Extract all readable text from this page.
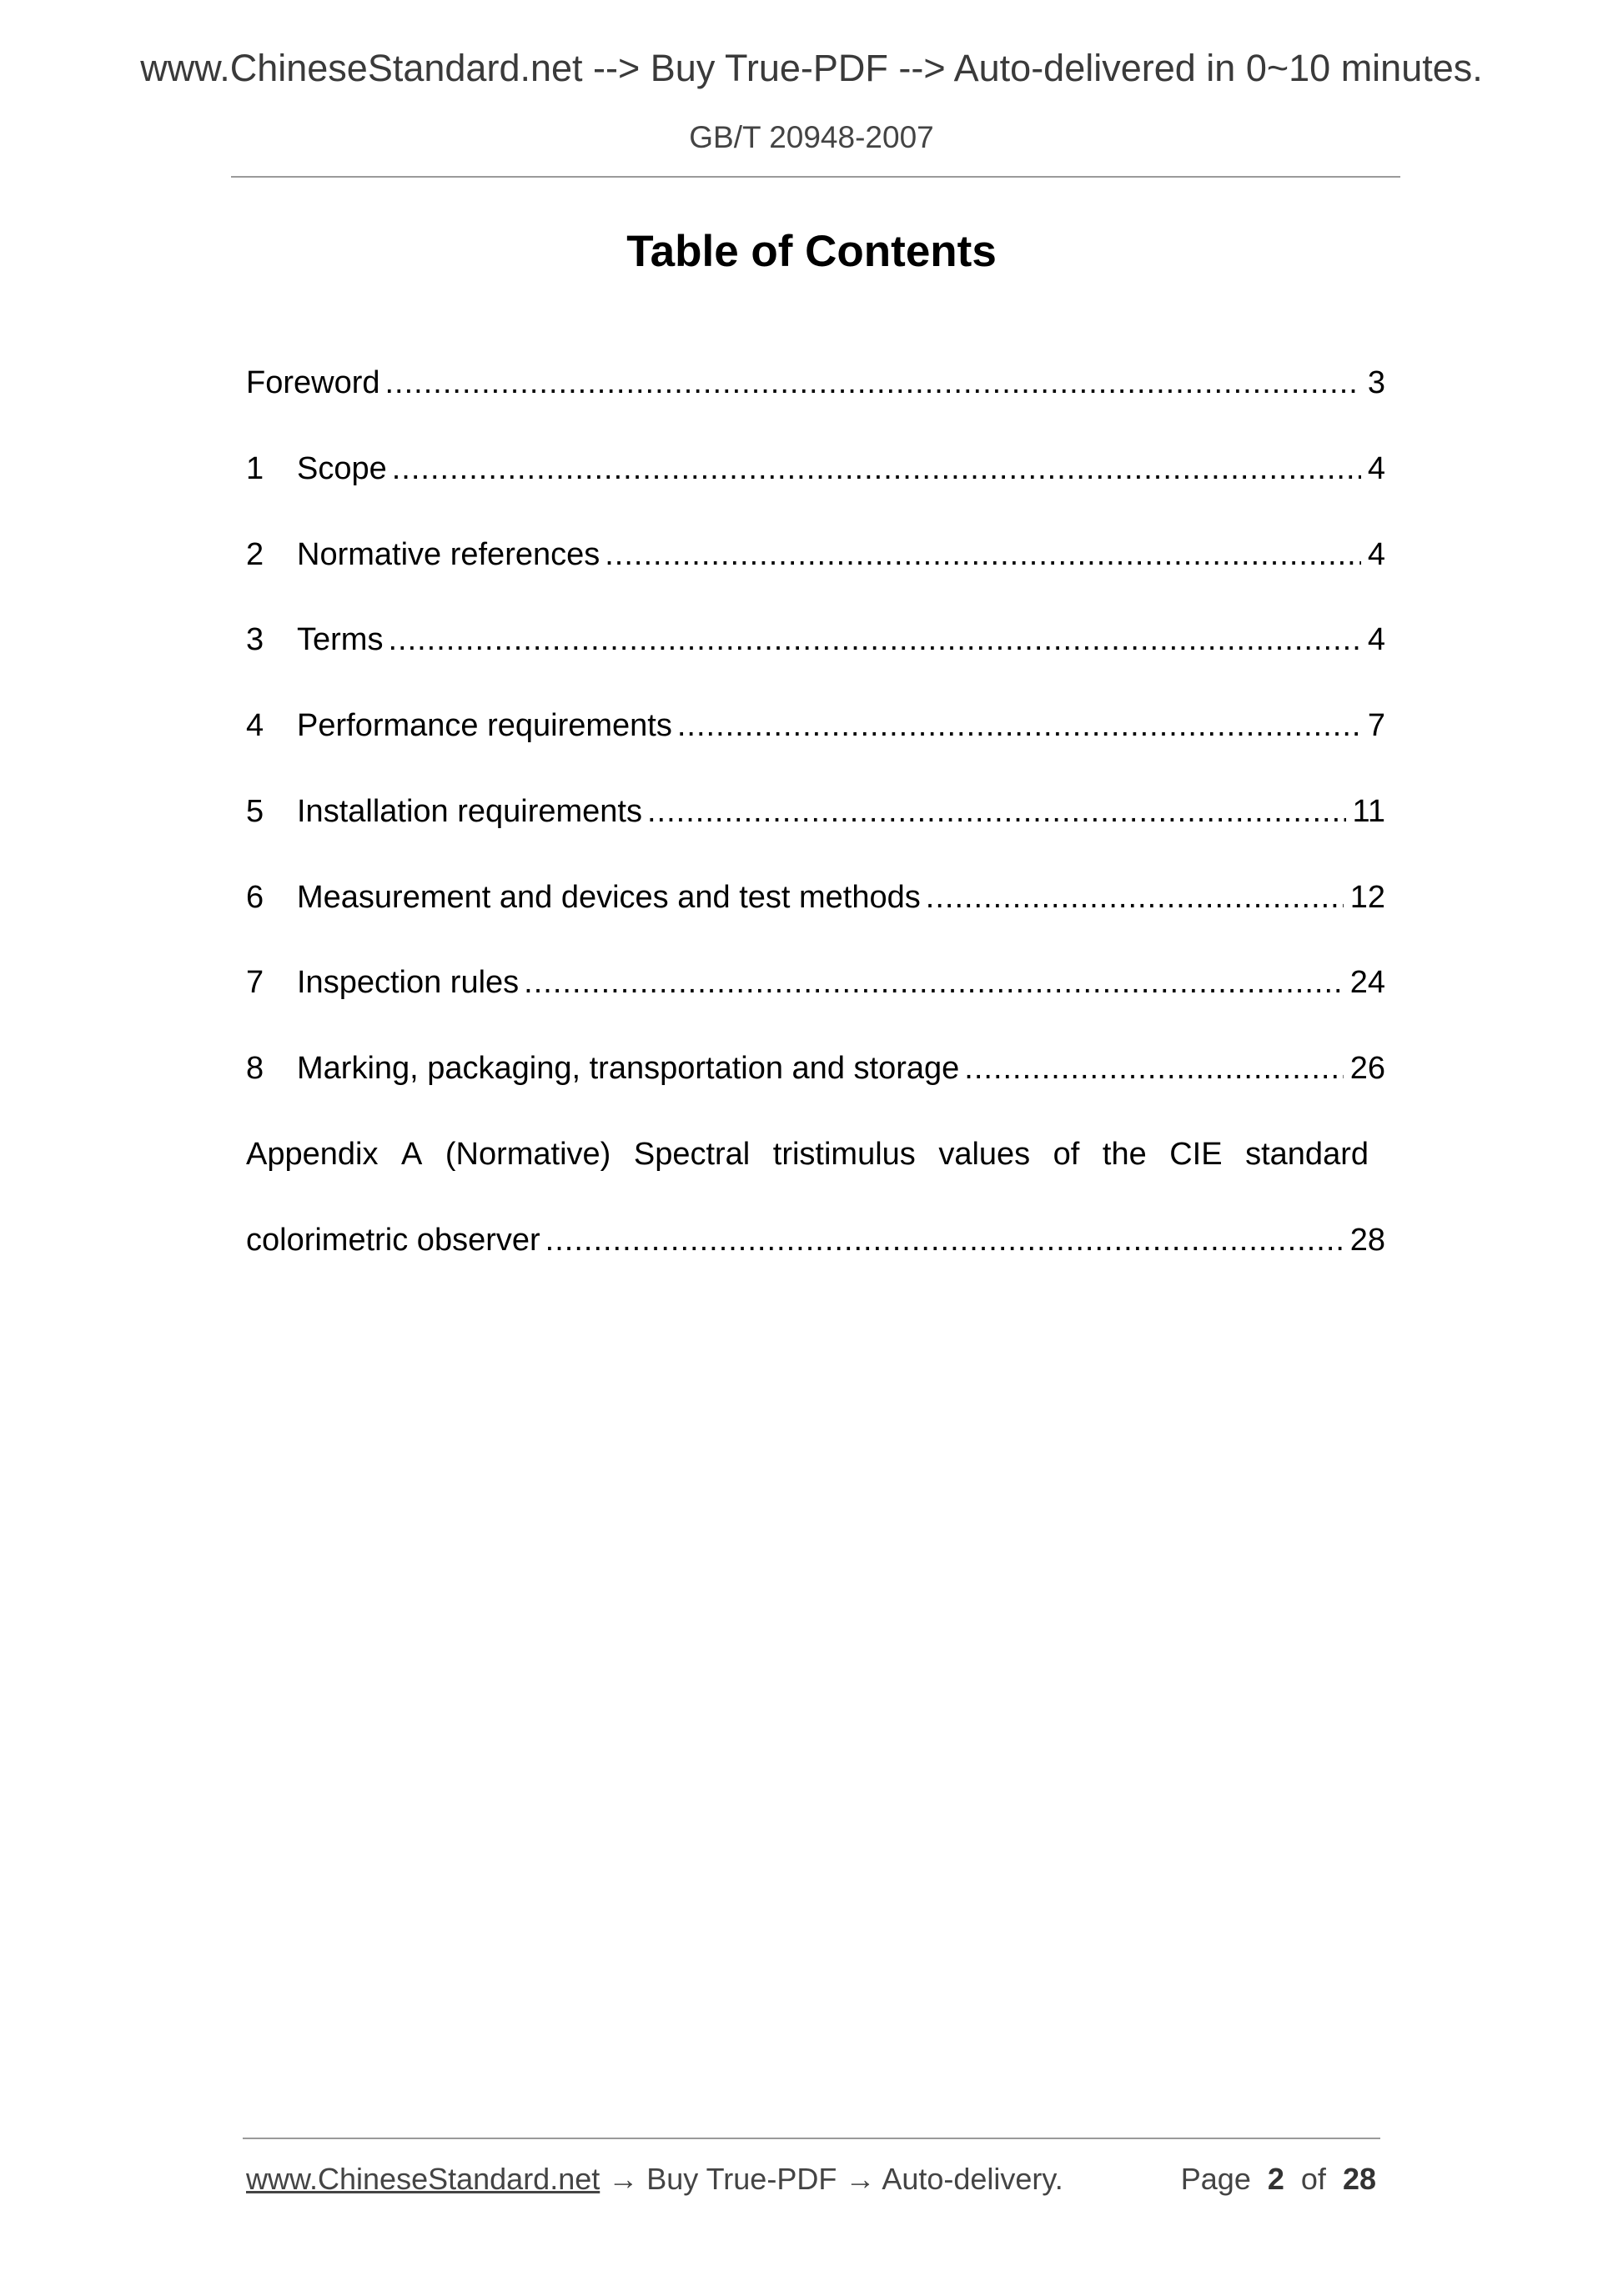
www.ChineseStandard.net --> Buy True-PDF --> Auto-delivered in 0~10 minutes.
GB/T 20948-2007
Table of Contents
Foreword .....	3
1	Scope .....	4
2	Normative references .....	4
3	Terms .....	4
4	Performance requirements .....	7
5	Installation requirements .....	11
6	Measurement and devices and test methods .....	12
7	Inspection rules .....	24
8	Marking, packaging, transportation and storage .....	26
Appendix A (Normative) Spectral tristimulus values of the CIE standard
colorimetric observer .....	28
www.ChineseStandard.net → Buy True-PDF → Auto-delivery.	Page 2 of 28
